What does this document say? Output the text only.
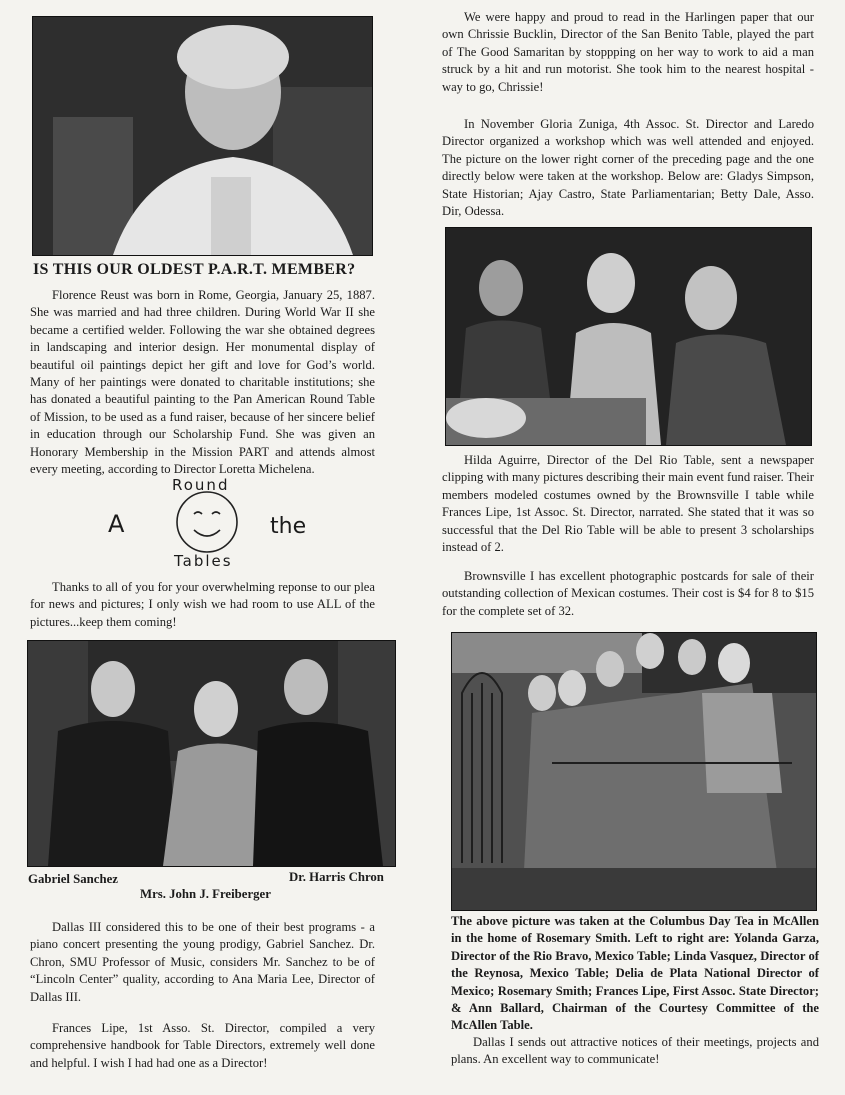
IS THIS OUR OLDEST P.A.R.T. MEMBER?

Florence Reust was born in Rome, Georgia, January 25, 1887. She was married and had three children. During World War II she became a certified welder. Following the war she obtained degrees in landscaping and interior design. Her monumental display of beautiful oil paintings depict her gift and love for God’s world. Many of her paintings were donated to charitable institutions; she has donated a beautiful painting to the Pan American Round Table of Mission, to be used as a fund raiser, because of her sincere belief in education through our Scholarship Fund. She was given an Honorary Membership in the Mission PART and attends almost every meeting, according to Director Loretta Michelena.

A
Round
Tables
the

Thanks to all of you for your overwhelming reponse to our plea for news and pictures; I only wish we had room to use ALL of the pictures...keep them coming!

Gabriel Sanchez	Dr. Harris Chron
Mrs. John J. Freiberger

Dallas III considered this to be one of their best programs - a piano concert presenting the young prodigy, Gabriel Sanchez. Dr. Chron, SMU Professor of Music, considers Mr. Sanchez to be of “Lincoln Center” quality, according to Ana Maria Lee, Director of Dallas III.

Frances Lipe, 1st Asso. St. Director, compiled a very comprehensive handbook for Table Directors, extremely well done and helpful. I wish I had had one as a Director!

We were happy and proud to read in the Harlingen paper that our own Chrissie Bucklin, Director of the San Benito Table, played the part of The Good Samaritan by stoppping on her way to work to aid a man struck by a hit and run motorist. She took him to the nearest hospital - way to go, Chrissie!

In November Gloria Zuniga, 4th Assoc. St. Director and Laredo Director organized a workshop which was well attended and enjoyed. The picture on the lower right corner of the preceding page and the one directly below were taken at the workshop. Below are: Gladys Simpson, State Historian; Ajay Castro, State Parliamentarian; Betty Dale, Asso. Dir, Odessa.

Hilda Aguirre, Director of the Del Rio Table, sent a newspaper clipping with many pictures describing their main event fund raiser. Their members modeled costumes owned by the Brownsville I table while Frances Lipe, 1st Assoc. St. Director, narrated. She stated that it was so successful that the Del Rio Table will be able to present 3 scholarships instead of 2.

Brownsville I has excellent photographic postcards for sale of their outstanding collection of Mexican costumes. Their cost is $4 for 8 to $15 for the complete set of 32.

The above picture was taken at the Columbus Day Tea in McAllen in the home of Rosemary Smith. Left to right are: Yolanda Garza, Director of the Rio Bravo, Mexico Table; Linda Vasquez, Director of the Reynosa, Mexico Table; Delia de Plata National Director of Mexico; Rosemary Smith; Frances Lipe, First Assoc. State Director; & Ann Ballard, Chairman of the Courtesy Committee of the McAllen Table.

Dallas I sends out attractive notices of their meetings, projects and plans. An excellent way to communicate!
